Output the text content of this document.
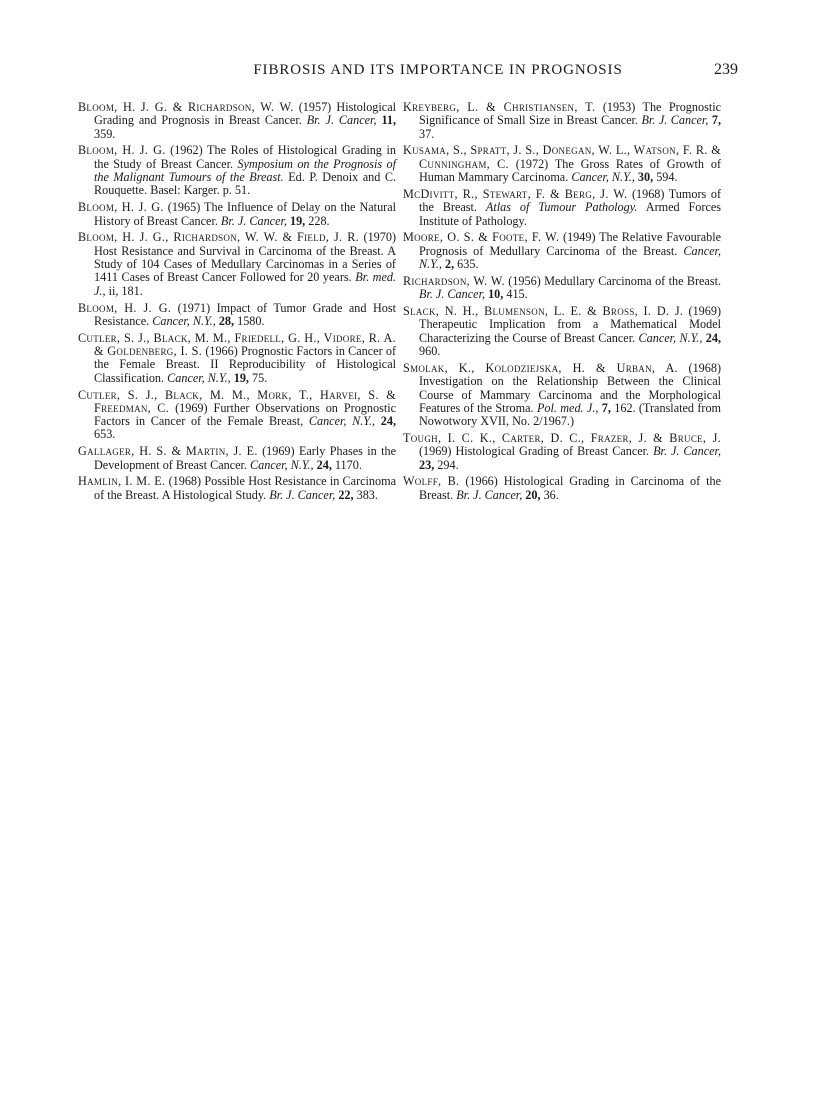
FIBROSIS AND ITS IMPORTANCE IN PROGNOSIS	239
Bloom, H. J. G. & Richardson, W. W. (1957) Histological Grading and Prognosis in Breast Cancer. Br. J. Cancer, 11, 359.
Bloom, H. J. G. (1962) The Roles of Histological Grading in the Study of Breast Cancer. Symposium on the Prognosis of the Malignant Tumours of the Breast. Ed. P. Denoix and C. Rouquette. Basel: Karger. p. 51.
Bloom, H. J. G. (1965) The Influence of Delay on the Natural History of Breast Cancer. Br. J. Cancer, 19, 228.
Bloom, H. J. G., Richardson, W. W. & Field, J. R. (1970) Host Resistance and Survival in Carcinoma of the Breast. A Study of 104 Cases of Medullary Carcinomas in a Series of 1411 Cases of Breast Cancer Followed for 20 years. Br. med. J., ii, 181.
Bloom, H. J. G. (1971) Impact of Tumor Grade and Host Resistance. Cancer, N.Y., 28, 1580.
Cutler, S. J., Black, M. M., Friedell, G. H., Vidore, R. A. & Goldenberg, I. S. (1966) Prognostic Factors in Cancer of the Female Breast. II Reproducibility of Histological Classification. Cancer, N.Y., 19, 75.
Cutler, S. J., Black, M. M., Mork, T., Harvei, S. & Freedman, C. (1969) Further Observations on Prognostic Factors in Cancer of the Female Breast, Cancer, N.Y., 24, 653.
Gallager, H. S. & Martin, J. E. (1969) Early Phases in the Development of Breast Cancer. Cancer, N.Y., 24, 1170.
Hamlin, I. M. E. (1968) Possible Host Resistance in Carcinoma of the Breast. A Histological Study. Br. J. Cancer, 22, 383.
Kreyberg, L. & Christiansen, T. (1953) The Prognostic Significance of Small Size in Breast Cancer. Br. J. Cancer, 7, 37.
Kusama, S., Spratt, J. S., Donegan, W. L., Watson, F. R. & Cunningham, C. (1972) The Gross Rates of Growth of Human Mammary Carcinoma. Cancer, N.Y., 30, 594.
McDivitt, R., Stewart, F. & Berg, J. W. (1968) Tumors of the Breast. Atlas of Tumour Pathology. Armed Forces Institute of Pathology.
Moore, O. S. & Foote, F. W. (1949) The Relative Favourable Prognosis of Medullary Carcinoma of the Breast. Cancer, N.Y., 2, 635.
Richardson, W. W. (1956) Medullary Carcinoma of the Breast. Br. J. Cancer, 10, 415.
Slack, N. H., Blumenson, L. E. & Bross, I. D. J. (1969) Therapeutic Implication from a Mathematical Model Characterizing the Course of Breast Cancer. Cancer, N.Y., 24, 960.
Smolak, K., Kolodziejska, H. & Urban, A. (1968) Investigation on the Relationship Between the Clinical Course of Mammary Carcinoma and the Morphological Features of the Stroma. Pol. med. J., 7, 162. (Translated from Nowotwory XVII, No. 2/1967.)
Tough, I. C. K., Carter, D. C., Frazer, J. & Bruce, J. (1969) Histological Grading of Breast Cancer. Br. J. Cancer, 23, 294.
Wolff, B. (1966) Histological Grading in Carcinoma of the Breast. Br. J. Cancer, 20, 36.
